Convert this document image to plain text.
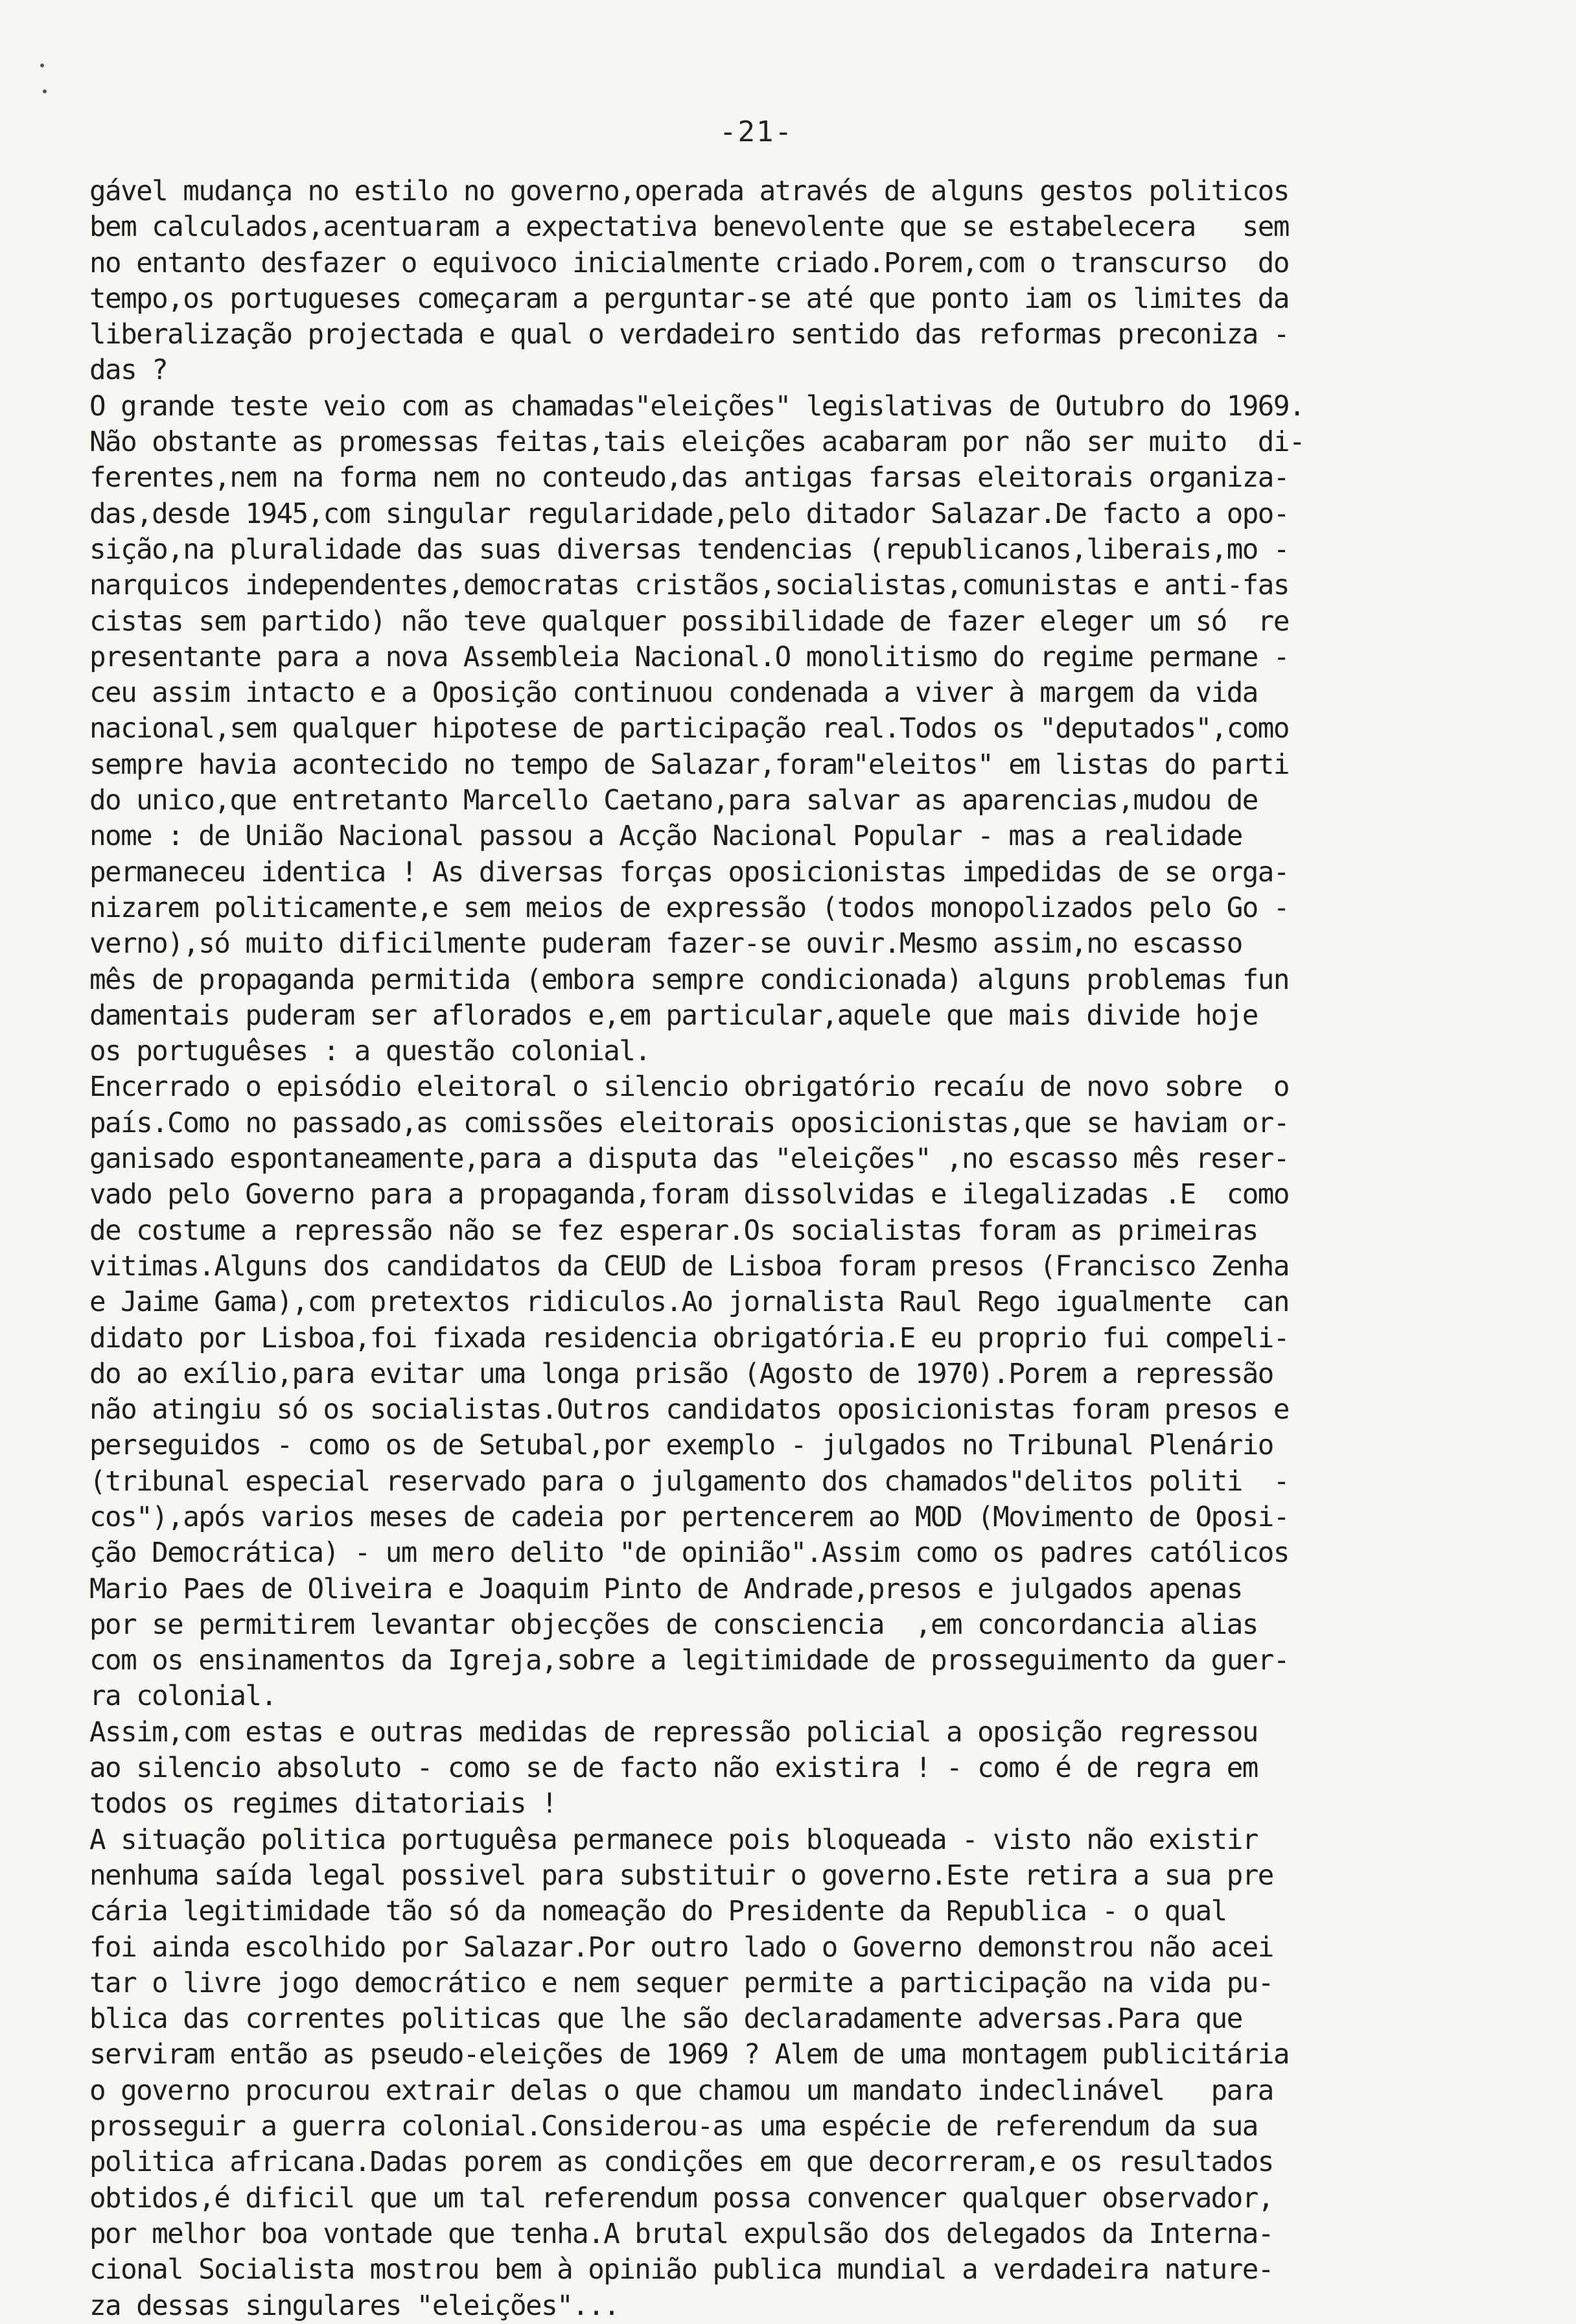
-21-
gável mudança no estilo no governo,operada através de alguns gestos politicos
bem calculados,acentuaram a expectativa benevolente que se estabelecera   sem
no entanto desfazer o equivoco inicialmente criado.Porem,com o transcurso  do
tempo,os portugueses começaram a perguntar-se até que ponto iam os limites da
liberalização projectada e qual o verdadeiro sentido das reformas preconiza -
das ?
O grande teste veio com as chamadas"eleições" legislativas de Outubro do 1969.
Não obstante as promessas feitas,tais eleições acabaram por não ser muito  di-
ferentes,nem na forma nem no conteudo,das antigas farsas eleitorais organiza-
das,desde 1945,com singular regularidade,pelo ditador Salazar.De facto a opo-
sição,na pluralidade das suas diversas tendencias (republicanos,liberais,mo -
narquicos independentes,democratas cristãos,socialistas,comunistas e anti-fas
cistas sem partido) não teve qualquer possibilidade de fazer eleger um só  re
presentante para a nova Assembleia Nacional.O monolitismo do regime permane -
ceu assim intacto e a Oposição continuou condenada a viver à margem da vida
nacional,sem qualquer hipotese de participação real.Todos os "deputados",como
sempre havia acontecido no tempo de Salazar,foram"eleitos" em listas do parti
do unico,que entretanto Marcello Caetano,para salvar as aparencias,mudou de
nome : de União Nacional passou a Acção Nacional Popular - mas a realidade
permaneceu identica ! As diversas forças oposicionistas impedidas de se orga-
nizarem politicamente,e sem meios de expressão (todos monopolizados pelo Go -
verno),só muito dificilmente puderam fazer-se ouvir.Mesmo assim,no escasso
mês de propaganda permitida (embora sempre condicionada) alguns problemas fun
damentais puderam ser aflorados e,em particular,aquele que mais divide hoje
os portuguêses : a questão colonial.
Encerrado o episódio eleitoral o silencio obrigatório recaíu de novo sobre  o
país.Como no passado,as comissões eleitorais oposicionistas,que se haviam or-
ganisado espontaneamente,para a disputa das "eleições" ,no escasso mês reser-
vado pelo Governo para a propaganda,foram dissolvidas e ilegalizadas .E  como
de costume a repressão não se fez esperar.Os socialistas foram as primeiras
vitimas.Alguns dos candidatos da CEUD de Lisboa foram presos (Francisco Zenha
e Jaime Gama),com pretextos ridiculos.Ao jornalista Raul Rego igualmente  can
didato por Lisboa,foi fixada residencia obrigatória.E eu proprio fui compeli-
do ao exílio,para evitar uma longa prisão (Agosto de 1970).Porem a repressão
não atingiu só os socialistas.Outros candidatos oposicionistas foram presos e
perseguidos - como os de Setubal,por exemplo - julgados no Tribunal Plenário
(tribunal especial reservado para o julgamento dos chamados"delitos politi  -
cos"),após varios meses de cadeia por pertencerem ao MOD (Movimento de Oposi-
ção Democrática) - um mero delito "de opinião".Assim como os padres católicos
Mario Paes de Oliveira e Joaquim Pinto de Andrade,presos e julgados apenas
por se permitirem levantar objecções de consciencia  ,em concordancia alias
com os ensinamentos da Igreja,sobre a legitimidade de prosseguimento da guer-
ra colonial.
Assim,com estas e outras medidas de repressão policial a oposição regressou
ao silencio absoluto - como se de facto não existira ! - como é de regra em
todos os regimes ditatoriais !
A situação politica portuguêsa permanece pois bloqueada - visto não existir
nenhuma saída legal possivel para substituir o governo.Este retira a sua pre
cária legitimidade tão só da nomeação do Presidente da Republica - o qual
foi ainda escolhido por Salazar.Por outro lado o Governo demonstrou não acei
tar o livre jogo democrático e nem sequer permite a participação na vida pu-
blica das correntes politicas que lhe são declaradamente adversas.Para que
serviram então as pseudo-eleições de 1969 ? Alem de uma montagem publicitária
o governo procurou extrair delas o que chamou um mandato indeclinável   para
prosseguir a guerra colonial.Considerou-as uma espécie de referendum da sua
politica africana.Dadas porem as condições em que decorreram,e os resultados
obtidos,é dificil que um tal referendum possa convencer qualquer observador,
por melhor boa vontade que tenha.A brutal expulsão dos delegados da Interna-
cional Socialista mostrou bem à opinião publica mundial a verdadeira nature-
za dessas singulares "eleições"...
